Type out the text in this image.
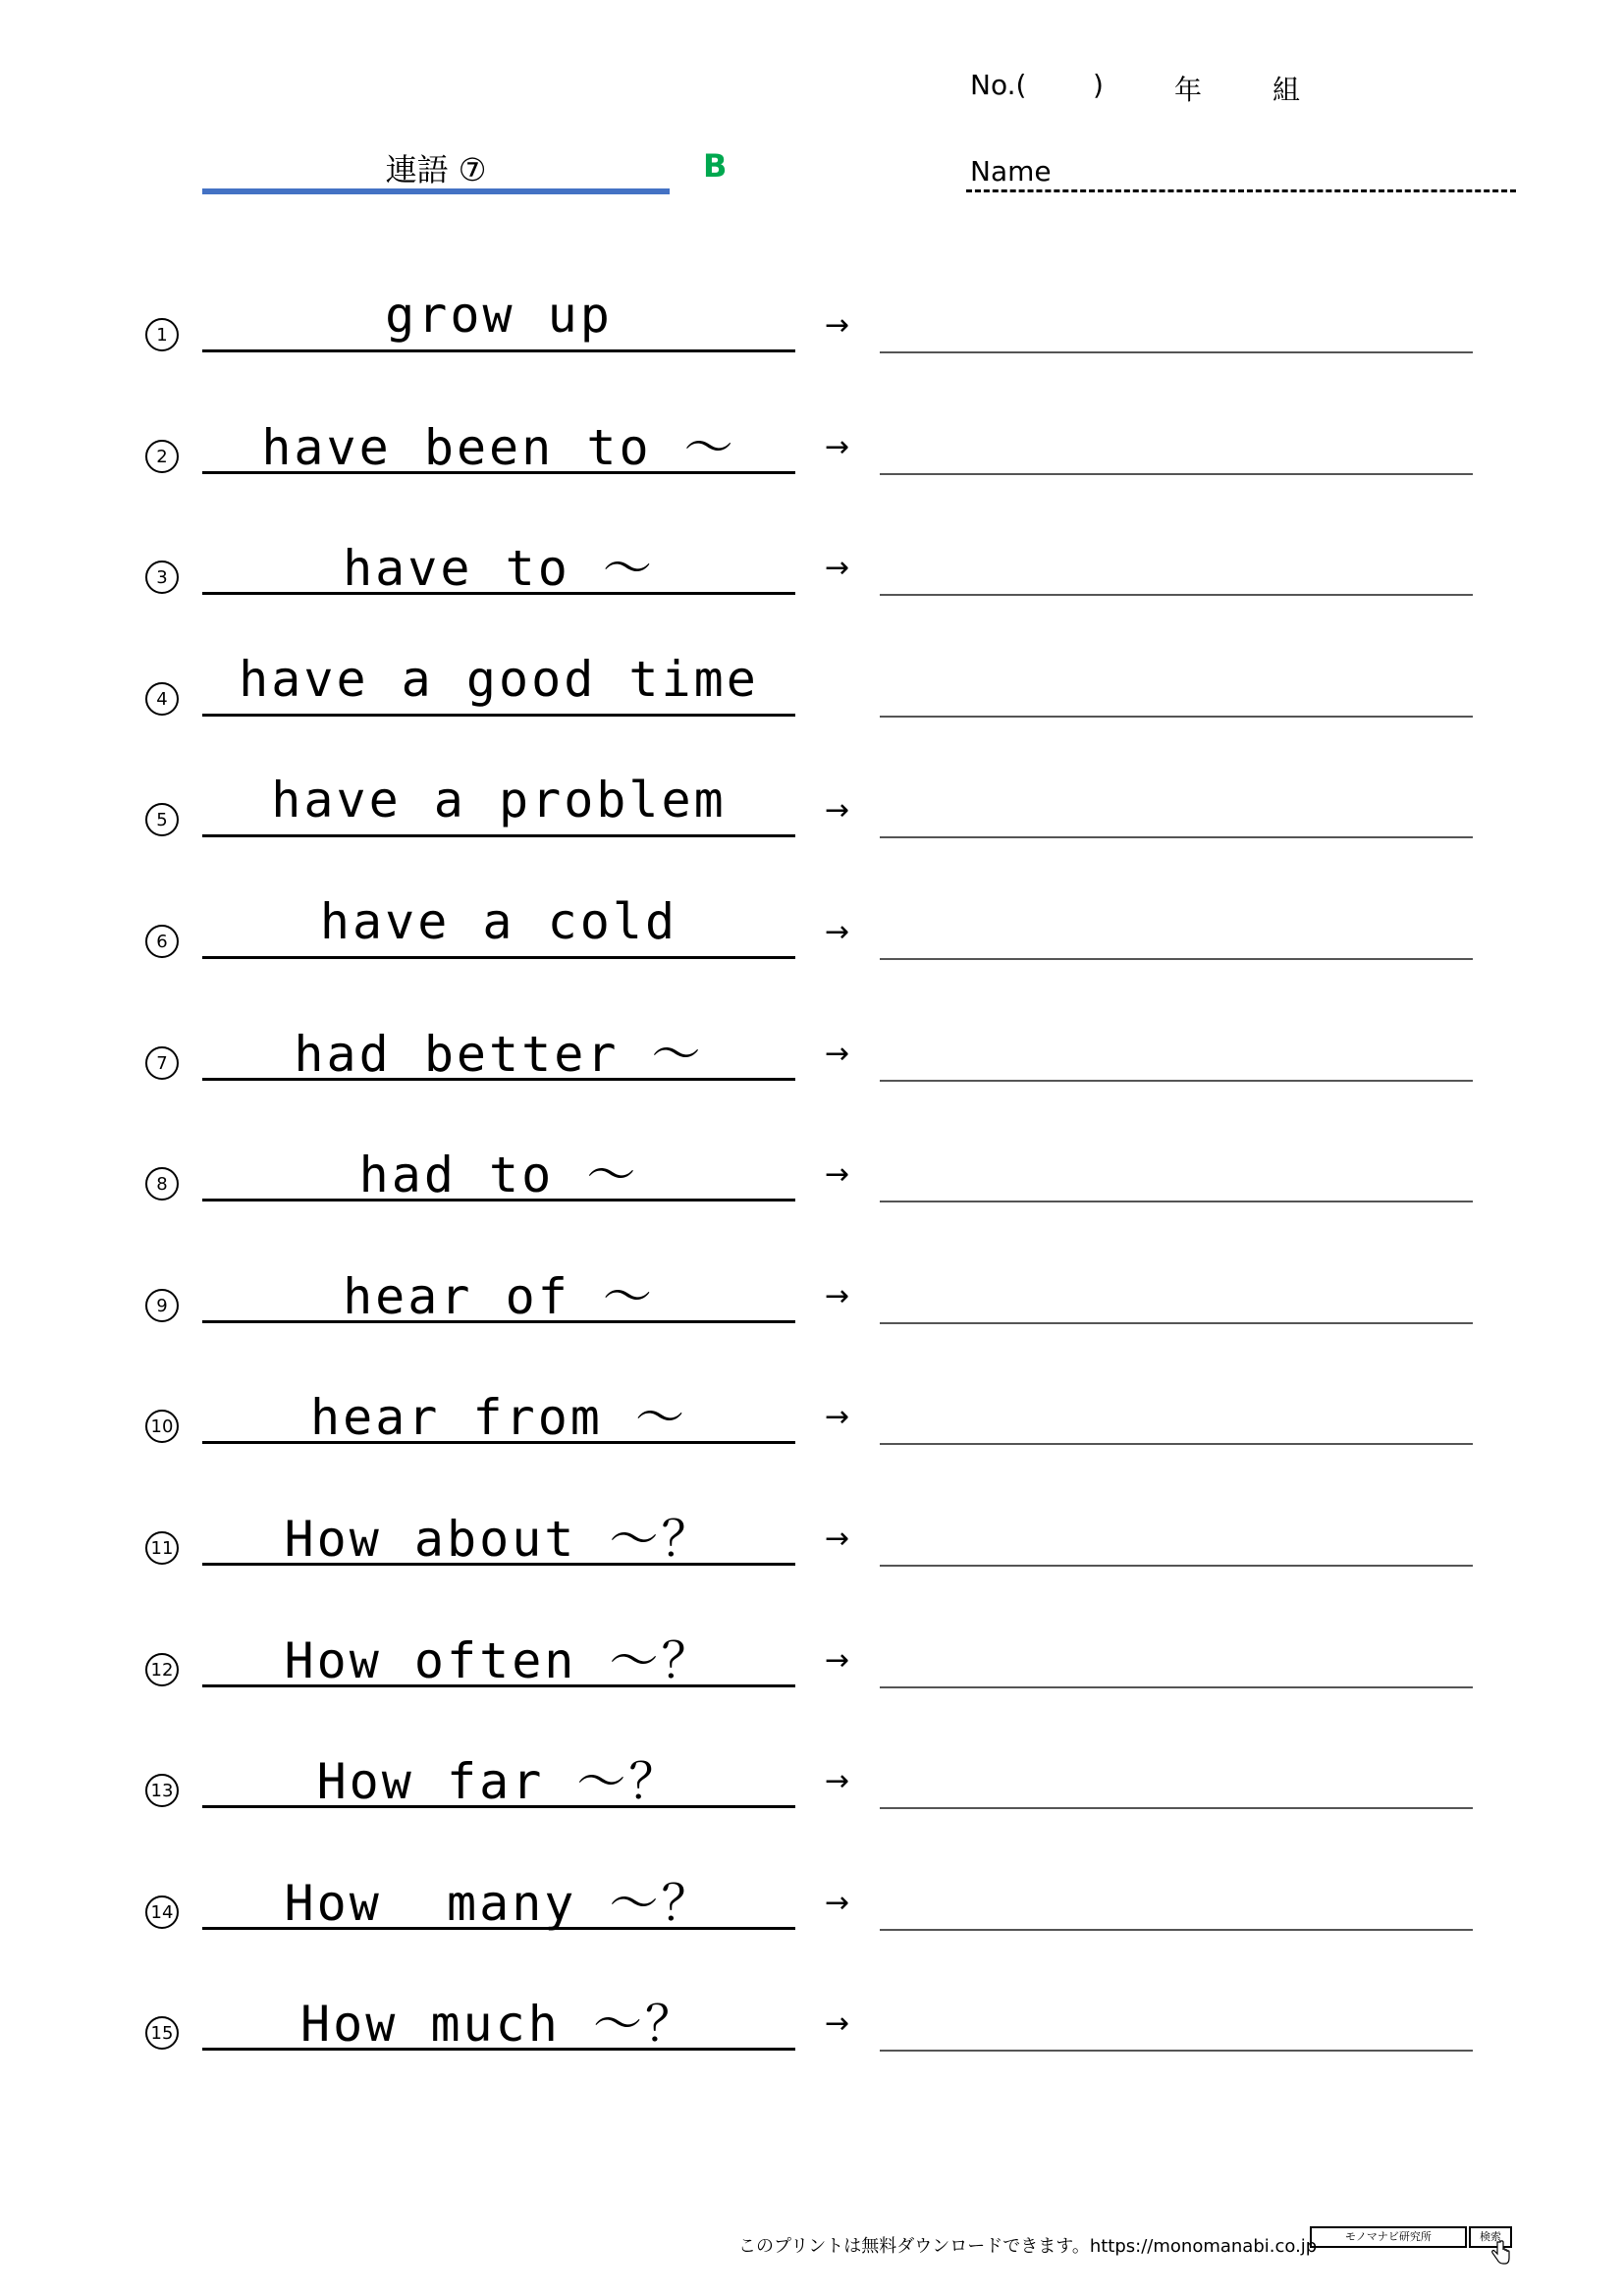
No.( )	年	組
連語 ⑦	B	Name
1	grow up	→
2	have been to ～	→
3	have to ～	→
4	have a good time
5	have a problem	→
6	have a cold	→
7	had better ～	→
8	had to ～	→
9	hear of ～	→
10	hear from ～	→
11	How about ～？	→
12	How often ～？	→
13	How far ～？	→
14	How  many ～？	→
15	How much ～？	→
このプリントは無料ダウンロードできます。https://monomanabi.co.jp	モノマナビ研究所	検索
